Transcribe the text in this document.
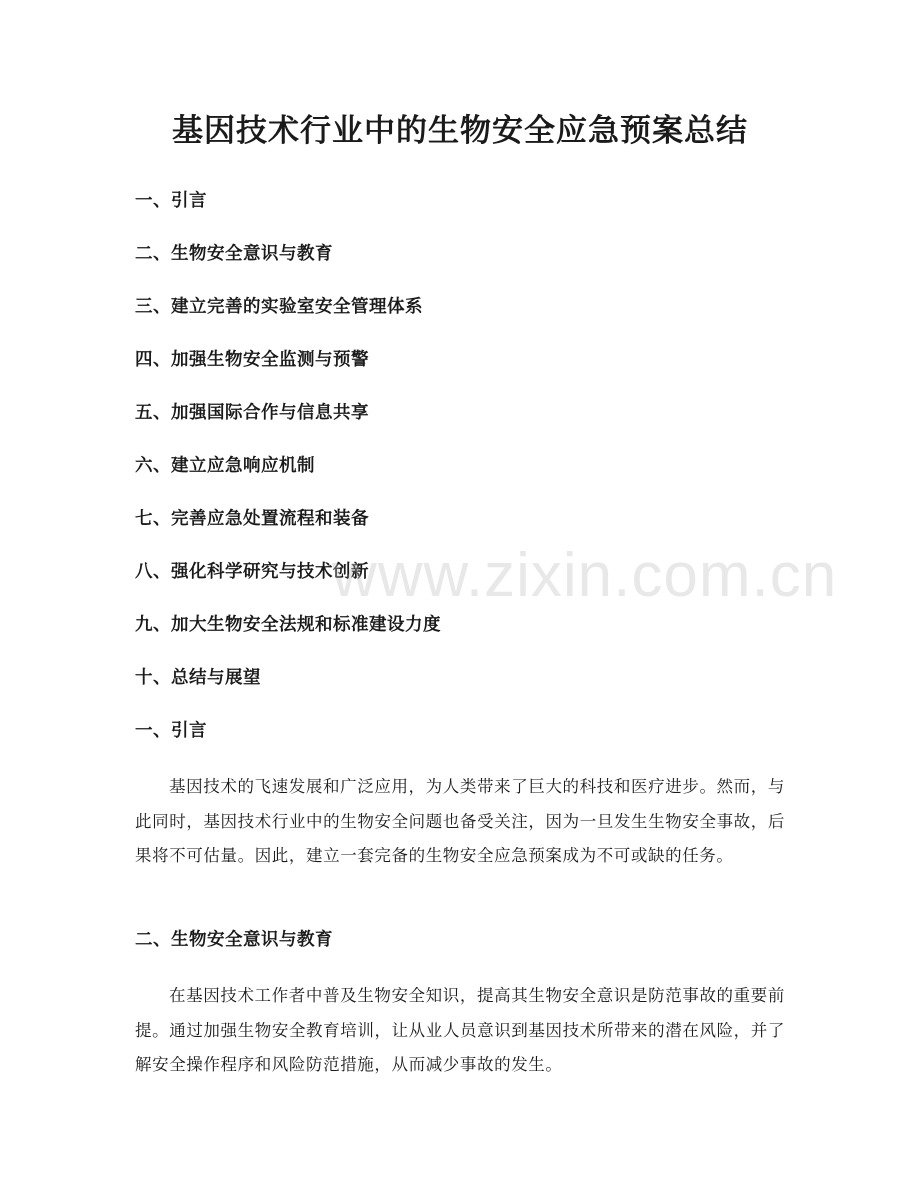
基因技术行业中的生物安全应急预案总结
一、引言
二、生物安全意识与教育
三、建立完善的实验室安全管理体系
四、加强生物安全监测与预警
五、加强国际合作与信息共享
六、建立应急响应机制
七、完善应急处置流程和装备
八、强化科学研究与技术创新
九、加大生物安全法规和标准建设力度
十、总结与展望
一、引言

基因技术的飞速发展和广泛应用，为人类带来了巨大的科技和医疗进步。然而，与此同时，基因技术行业中的生物安全问题也备受关注，因为一旦发生生物安全事故，后果将不可估量。因此，建立一套完备的生物安全应急预案成为不可或缺的任务。

二、生物安全意识与教育

在基因技术工作者中普及生物安全知识，提高其生物安全意识是防范事故的重要前提。通过加强生物安全教育培训，让从业人员意识到基因技术所带来的潜在风险，并了解安全操作程序和风险防范措施，从而减少事故的发生。

www.zixin.com.cn
